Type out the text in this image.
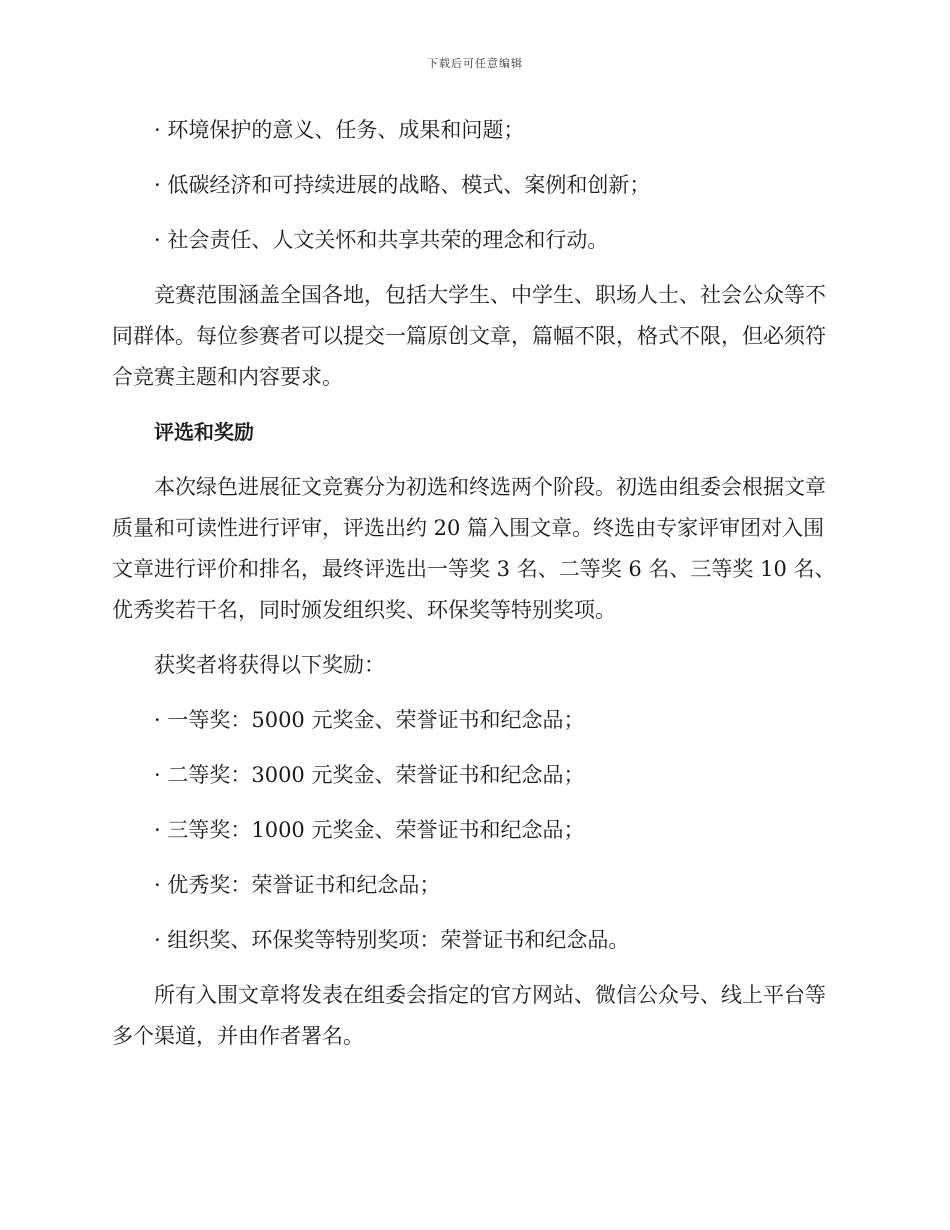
下载后可任意编辑

· 环境保护的意义、任务、成果和问题；

· 低碳经济和可持续进展的战略、模式、案例和创新；

· 社会责任、人文关怀和共享共荣的理念和行动。

竞赛范围涵盖全国各地，包括大学生、中学生、职场人士、社会公众等不同群体。每位参赛者可以提交一篇原创文章，篇幅不限，格式不限，但必须符合竞赛主题和内容要求。

评选和奖励

本次绿色进展征文竞赛分为初选和终选两个阶段。初选由组委会根据文章质量和可读性进行评审，评选出约 20 篇入围文章。终选由专家评审团对入围文章进行评价和排名，最终评选出一等奖 3 名、二等奖 6 名、三等奖 10 名、优秀奖若干名，同时颁发组织奖、环保奖等特别奖项。

获奖者将获得以下奖励：

· 一等奖：5000 元奖金、荣誉证书和纪念品；

· 二等奖：3000 元奖金、荣誉证书和纪念品；

· 三等奖：1000 元奖金、荣誉证书和纪念品；

· 优秀奖：荣誉证书和纪念品；

· 组织奖、环保奖等特别奖项：荣誉证书和纪念品。

所有入围文章将发表在组委会指定的官方网站、微信公众号、线上平台等多个渠道，并由作者署名。
